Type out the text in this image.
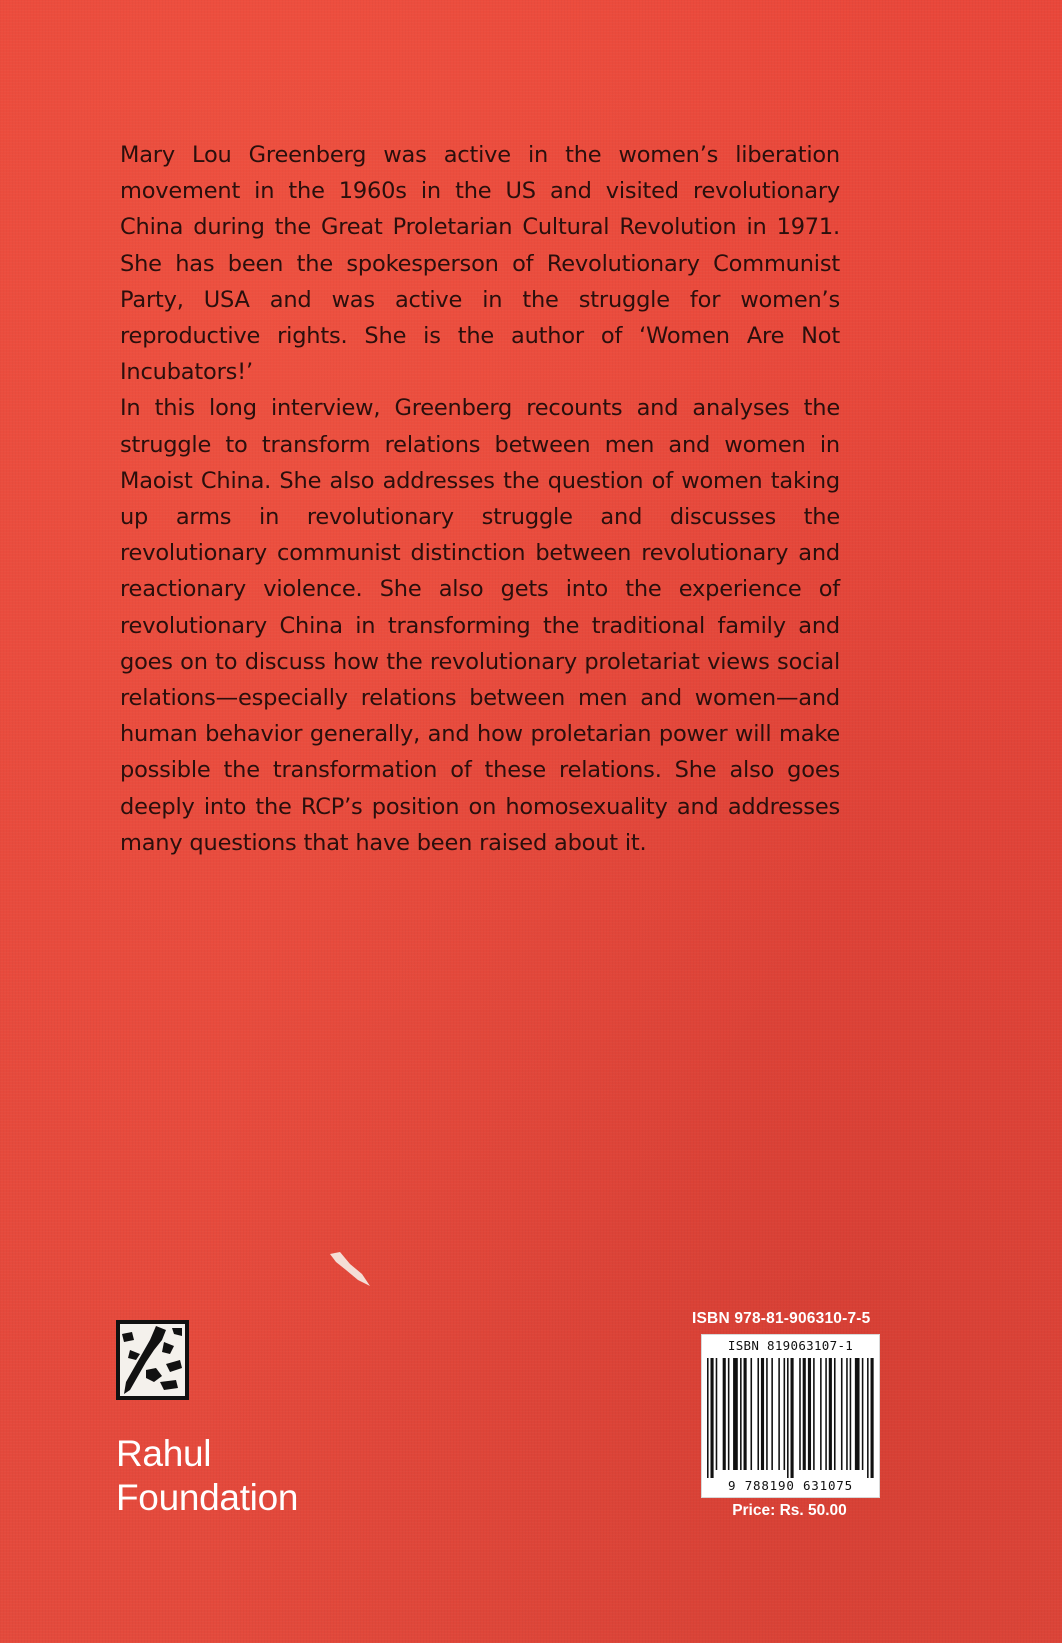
Mary Lou Greenberg was active in the women’s liberation movement in the 1960s in the US and visited revolutionary China during the Great Proletarian Cultural Revolution in 1971. She has been the spokesperson of Revolutionary Communist Party, USA and was active in the struggle for women’s reproductive rights. She is the author of ‘Women Are Not Incubators!’

In this long interview, Greenberg recounts and analyses the struggle to transform relations between men and women in Maoist China. She also addresses the question of women taking up arms in revolutionary struggle and discusses the revolutionary communist distinction between revolutionary and reactionary violence. She also gets into the experience of revolutionary China in transforming the traditional family and goes on to discuss how the revolutionary proletariat views social relations—especially relations between men and women—and human behavior generally, and how proletarian power will make possible the transformation of these relations. She also goes deeply into the RCP’s position on homosexuality and addresses many questions that have been raised about it.

Rahul
Foundation
ISBN 978-81-906310-7-5
ISBN 819063107-1
9 788190 631075
Price: Rs. 50.00
